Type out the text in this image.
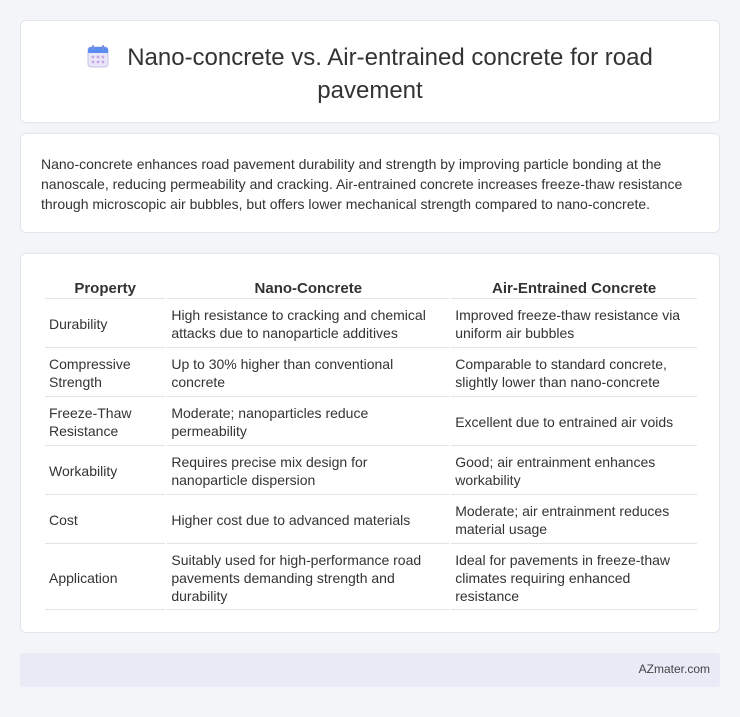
Nano-concrete vs. Air-entrained concrete for road pavement

Nano-concrete enhances road pavement durability and strength by improving particle bonding at the nanoscale, reducing permeability and cracking. Air-entrained concrete increases freeze-thaw resistance through microscopic air bubbles, but offers lower mechanical strength compared to nano-concrete.

Property	Nano-Concrete	Air-Entrained Concrete
Durability	High resistance to cracking and chemical attacks due to nanoparticle additives	Improved freeze-thaw resistance via uniform air bubbles
Compressive Strength	Up to 30% higher than conventional concrete	Comparable to standard concrete, slightly lower than nano-concrete
Freeze-Thaw Resistance	Moderate; nanoparticles reduce permeability	Excellent due to entrained air voids
Workability	Requires precise mix design for nanoparticle dispersion	Good; air entrainment enhances workability
Cost	Higher cost due to advanced materials	Moderate; air entrainment reduces material usage
Application	Suitably used for high-performance road pavements demanding strength and durability	Ideal for pavements in freeze-thaw climates requiring enhanced resistance
AZmater.com
